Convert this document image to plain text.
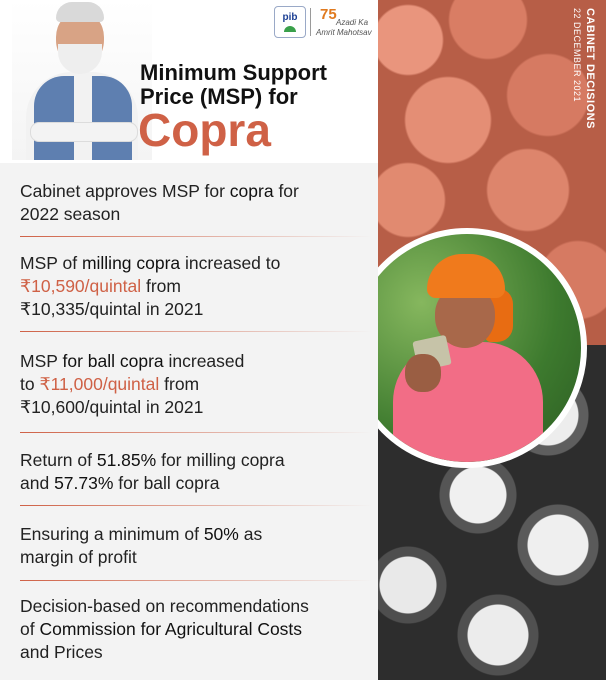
CABINET DECISIONS
22 DECEMBER 2021
pib	75 Azadi Ka
Amrit Mahotsav
Minimum Support
Price (MSP) for
Copra
Cabinet approves MSP for copra for
2022 season
MSP of milling copra increased to
₹10,590/quintal from
₹10,335/quintal in 2021
MSP for ball copra increased
to ₹11,000/quintal from
₹10,600/quintal in 2021
Return of 51.85% for milling copra
and 57.73% for ball copra
Ensuring a minimum of 50% as
margin of profit
Decision-based on recommendations
of Commission for Agricultural Costs
and Prices
